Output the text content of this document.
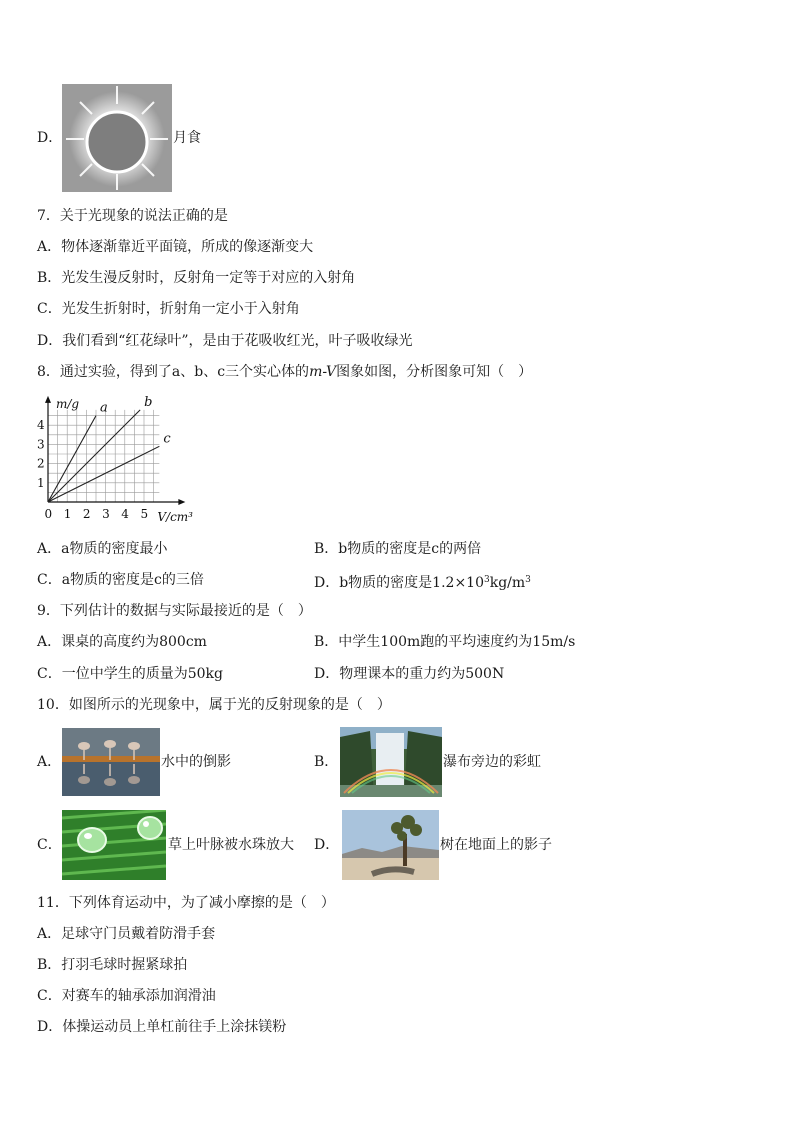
D．	月食
7．关于光现象的说法正确的是
A．物体逐渐靠近平面镜，所成的像逐渐变大
B．光发生漫反射时，反射角一定等于对应的入射角
C．光发生折射时，折射角一定小于入射角
D．我们看到“红花绿叶”，是由于花吸收红光，叶子吸收绿光
8．通过实验，得到了a、b、c三个实心体的m-V图象如图，分析图象可知（　）
a	b
c
0 1 2 3 4 5
1
2
3
4
m/g
V/cm³
A．a物质的密度最小	B．b物质的密度是c的两倍
C．a物质的密度是c的三倍	D．b物质的密度是$1.2\times 10^3kg/m^3$
9．下列估计的数据与实际最接近的是（　）
A．课桌的高度约为800cm	B．中学生100m跑的平均速度约为15m/s
C．一位中学生的质量为50kg	D．物理课本的重力约为500N
10．如图所示的光现象中，属于光的反射现象的是（　）
A．	水中的倒影	B．	瀑布旁边的彩虹
C．	草上叶脉被水珠放大 D．	树在地面上的影子
11．下列体育运动中，为了减小摩擦的是（　）
A．足球守门员戴着防滑手套
B．打羽毛球时握紧球拍
C．对赛车的轴承添加润滑油
D．体操运动员上单杠前往手上涂抹镁粉
